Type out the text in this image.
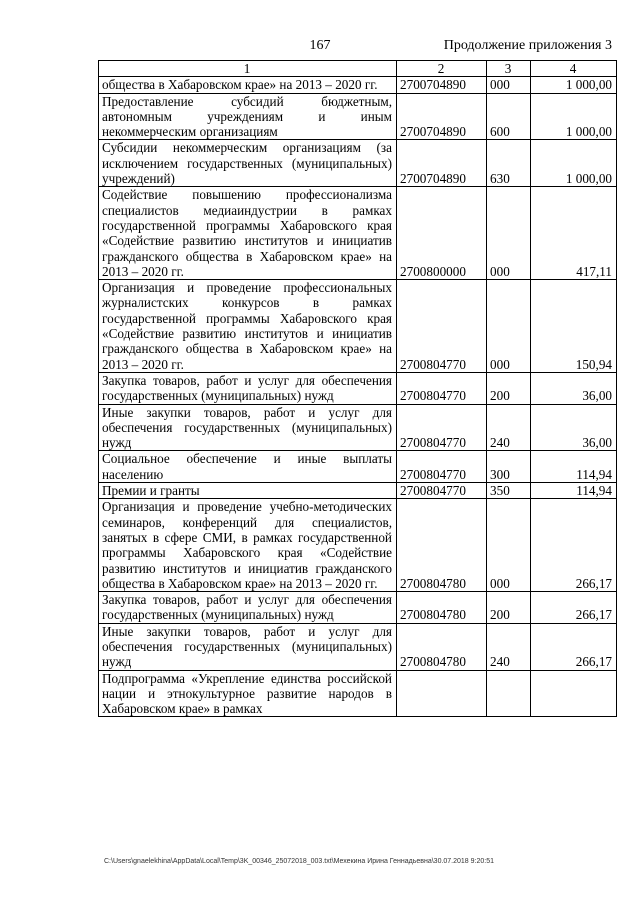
167	Продолжение приложения 3
1	2	3	4
общества в Хабаровском крае» на 2013 – 2020 гг.	2700704890	000	1 000,00
Предоставление субсидий бюджетным, автономным учреждениям и иным некоммерческим организациям	2700704890	600	1 000,00
Субсидии некоммерческим организациям (за исключением государственных (муниципальных) учреждений)	2700704890	630	1 000,00
Содействие повышению профессионализма специалистов медиаиндустрии в рамках государственной программы Хабаровского края «Содействие развитию институтов и инициатив гражданского общества в Хабаровском крае» на 2013 – 2020 гг.	2700800000	000	417,11
Организация и проведение профессиональных журналистских конкурсов в рамках государственной программы Хабаровского края «Содействие развитию институтов и инициатив гражданского общества в Хабаровском крае» на 2013 – 2020 гг.	2700804770	000	150,94
Закупка товаров, работ и услуг для обеспечения государственных (муниципальных) нужд	2700804770	200	36,00
Иные закупки товаров, работ и услуг для обеспечения государственных (муниципальных) нужд	2700804770	240	36,00
Социальное обеспечение и иные выплаты населению	2700804770	300	114,94
Премии и гранты	2700804770	350	114,94
Организация и проведение учебно-методических семинаров, конференций для специалистов, занятых в сфере СМИ, в рамках государственной программы Хабаровского края «Содействие развитию институтов и инициатив гражданского общества в Хабаровском крае» на 2013 – 2020 гг.	2700804780	000	266,17
Закупка товаров, работ и услуг для обеспечения государственных (муниципальных) нужд	2700804780	200	266,17
Иные закупки товаров, работ и услуг для обеспечения государственных (муниципальных) нужд	2700804780	240	266,17
Подпрограмма «Укрепление единства российской нации и этнокультурное развитие народов в Хабаровском крае» в рамках			
C:\Users\gnaelekhina\AppData\Local\Temp\3K_00346_25072018_003.txt\Мехекина Ирина Геннадьевна\30.07.2018 9:20:51
